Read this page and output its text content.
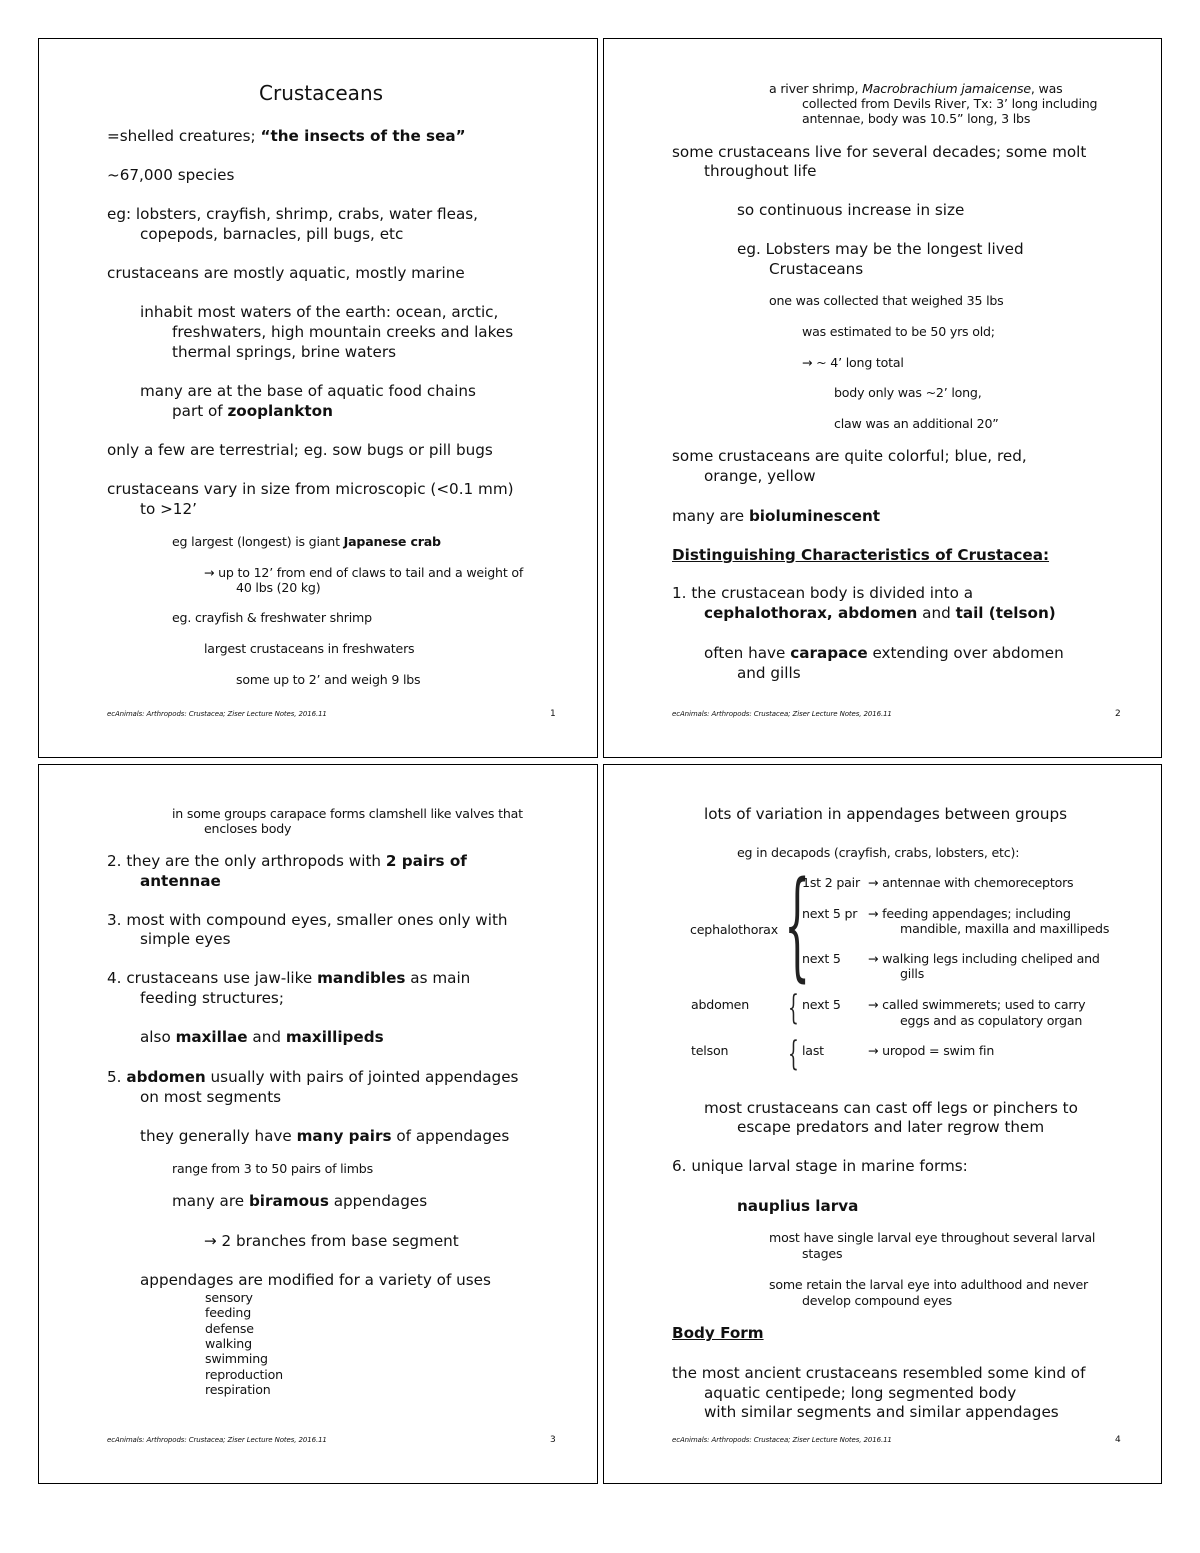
Crustaceans
=shelled creatures; “the insects of the sea”
~67,000 species
eg: lobsters, crayfish, shrimp, crabs, water fleas,
copepods, barnacles, pill bugs, etc
crustaceans are mostly aquatic, mostly marine
inhabit most waters of the earth: ocean, arctic,
freshwaters, high mountain creeks and lakes
thermal springs, brine waters
many are at the base of aquatic food chains
part of zooplankton
only a few are terrestrial; eg. sow bugs or pill bugs
crustaceans vary in size from microscopic (<0.1 mm)
to >12’
eg largest (longest) is giant Japanese crab
→ up to 12’ from end of claws to tail and a weight of
40 lbs (20 kg)
eg. crayfish & freshwater shrimp
largest crustaceans in freshwaters
some up to 2’ and weigh 9 lbs
ecAnimals: Arthropods: Crustacea; Ziser Lecture Notes, 2016.11	1
a river shrimp, Macrobrachium jamaicense, was
collected from Devils River, Tx: 3’ long including
antennae, body was 10.5” long, 3 lbs
some crustaceans live for several decades; some molt
throughout life
so continuous increase in size
eg. Lobsters may be the longest lived
Crustaceans
one was collected that weighed 35 lbs
was estimated to be 50 yrs old;
→ ~ 4’ long total
body only was ~2’ long,
claw was an additional 20”
some crustaceans are quite colorful; blue, red,
orange, yellow
many are bioluminescent
Distinguishing Characteristics of Crustacea:
1. the crustacean body is divided into a
cephalothorax, abdomen and tail (telson)
often have carapace extending over abdomen
and gills
ecAnimals: Arthropods: Crustacea; Ziser Lecture Notes, 2016.11	2
in some groups carapace forms clamshell like valves that
encloses body
2. they are the only arthropods with 2 pairs of
antennae
3. most with compound eyes, smaller ones only with
simple eyes
4. crustaceans use jaw-like mandibles as main
feeding structures;
also maxillae and maxillipeds
5. abdomen usually with pairs of jointed appendages
on most segments
they generally have many pairs of appendages
range from 3 to 50 pairs of limbs
many are biramous appendages
→ 2 branches from base segment
appendages are modified for a variety of uses
sensory
feeding
defense
walking
swimming
reproduction
respiration
ecAnimals: Arthropods: Crustacea; Ziser Lecture Notes, 2016.11	3
lots of variation in appendages between groups
eg in decapods (crayfish, crabs, lobsters, etc):
{
cephalothorax
1st 2 pair → antennae with chemoreceptors
next 5 pr → feeding appendages; including
mandible, maxilla and maxillipeds
next 5 → walking legs including cheliped and
gills
{
abdomen	next 5 → called swimmerets; used to carry
eggs and as copulatory organ
{
telson	last	→ uropod = swim fin
most crustaceans can cast off legs or pinchers to
escape predators and later regrow them
6. unique larval stage in marine forms:
nauplius larva
most have single larval eye throughout several larval
stages
some retain the larval eye into adulthood and never
develop compound eyes
Body Form
the most ancient crustaceans resembled some kind of
aquatic centipede; long segmented body
with similar segments and similar appendages
ecAnimals: Arthropods: Crustacea; Ziser Lecture Notes, 2016.11	4
